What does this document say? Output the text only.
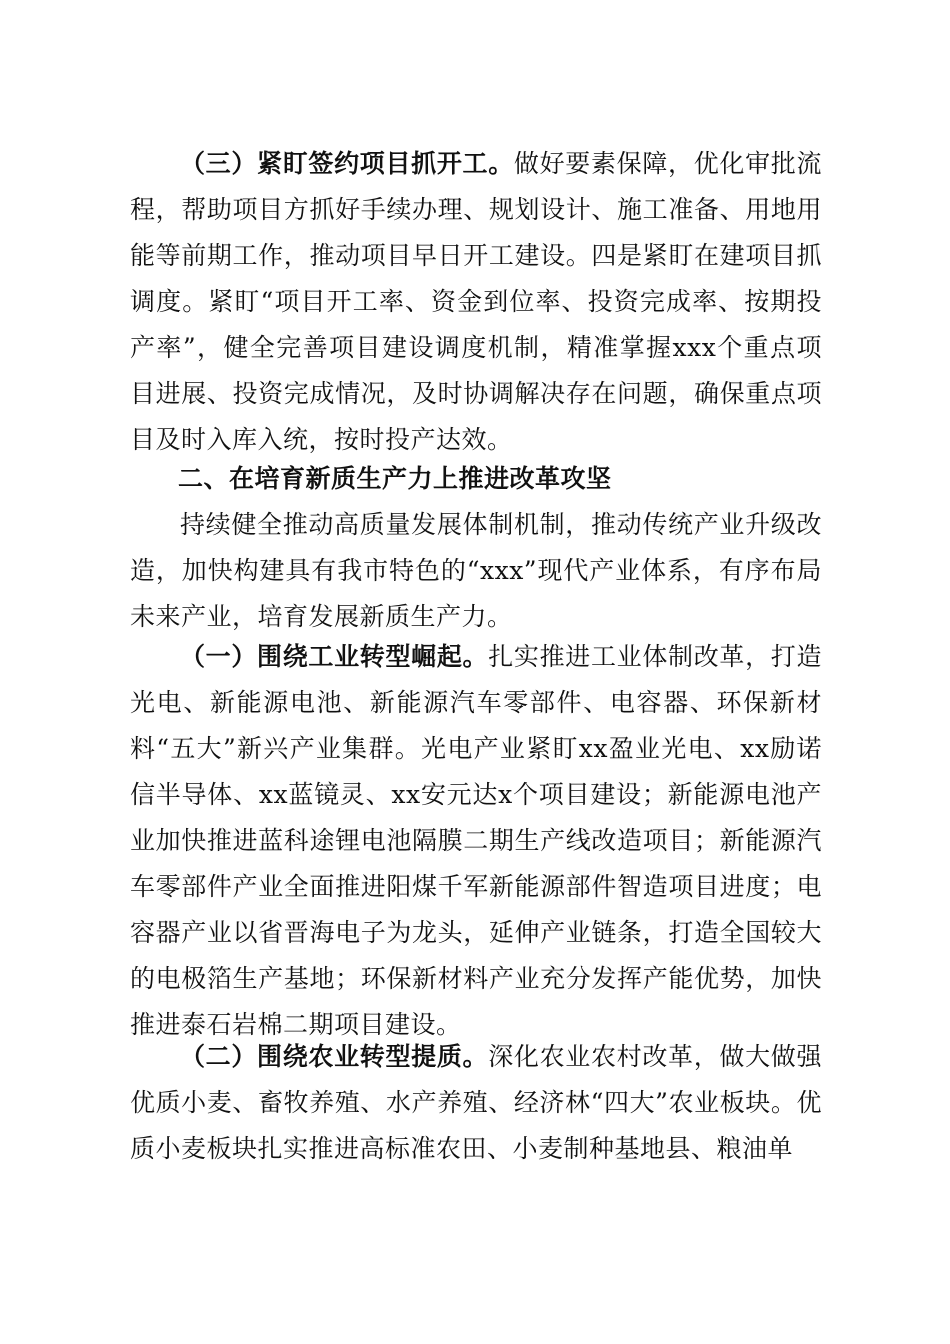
（三）紧盯签约项目抓开工。做好要素保障，优化审批流程，帮助项目方抓好手续办理、规划设计、施工准备、用地用能等前期工作，推动项目早日开工建设。四是紧盯在建项目抓调度。紧盯“项目开工率、资金到位率、投资完成率、按期投产率”，健全完善项目建设调度机制，精准掌握xxx个重点项目进展、投资完成情况，及时协调解决存在问题，确保重点项目及时入库入统，按时投产达效。

二、在培育新质生产力上推进改革攻坚

持续健全推动高质量发展体制机制，推动传统产业升级改造，加快构建具有我市特色的“xxx”现代产业体系，有序布局未来产业，培育发展新质生产力。

（一）围绕工业转型崛起。扎实推进工业体制改革，打造光电、新能源电池、新能源汽车零部件、电容器、环保新材料“五大”新兴产业集群。光电产业紧盯xx盈业光电、xx励诺信半导体、xx蓝镜灵、xx安元达x个项目建设；新能源电池产业加快推进蓝科途锂电池隔膜二期生产线改造项目；新能源汽车零部件产业全面推进阳煤千军新能源部件智造项目进度；电容器产业以省晋海电子为龙头，延伸产业链条，打造全国较大的电极箔生产基地；环保新材料产业充分发挥产能优势，加快推进泰石岩棉二期项目建设。

（二）围绕农业转型提质。深化农业农村改革，做大做强优质小麦、畜牧养殖、水产养殖、经济林“四大”农业板块。优质小麦板块扎实推进高标准农田、小麦制种基地县、粮油单
